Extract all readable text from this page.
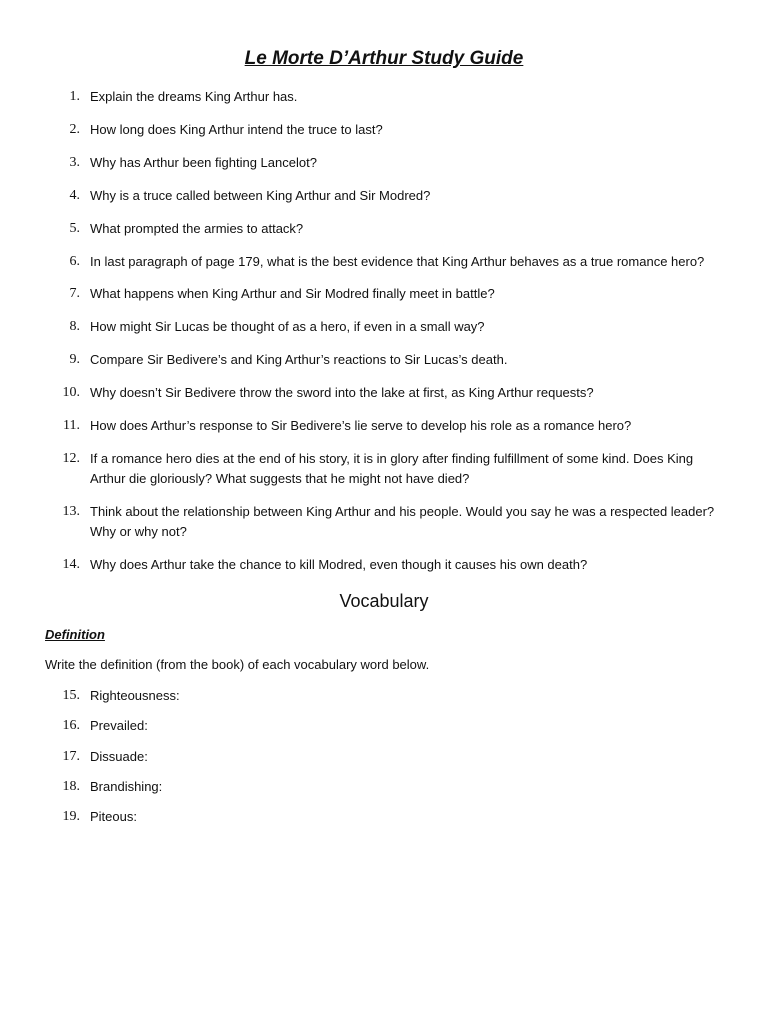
Le Morte D’Arthur Study Guide
1. Explain the dreams King Arthur has.
2. How long does King Arthur intend the truce to last?
3. Why has Arthur been fighting Lancelot?
4. Why is a truce called between King Arthur and Sir Modred?
5. What prompted the armies to attack?
6. In last paragraph of page 179, what is the best evidence that King Arthur behaves as a true romance hero?
7. What happens when King Arthur and Sir Modred finally meet in battle?
8. How might Sir Lucas be thought of as a hero, if even in a small way?
9. Compare Sir Bedivere’s and King Arthur’s reactions to Sir Lucas’s death.
10. Why doesn’t Sir Bedivere throw the sword into the lake at first, as King Arthur requests?
11. How does Arthur’s response to Sir Bedivere’s lie serve to develop his role as a romance hero?
12. If a romance hero dies at the end of his story, it is in glory after finding fulfillment of some kind. Does King Arthur die gloriously? What suggests that he might not have died?
13. Think about the relationship between King Arthur and his people. Would you say he was a respected leader? Why or why not?
14. Why does Arthur take the chance to kill Modred, even though it causes his own death?
Vocabulary
Definition
Write the definition (from the book) of each vocabulary word below.
15. Righteousness:
16. Prevailed:
17. Dissuade:
18. Brandishing:
19. Piteous:
